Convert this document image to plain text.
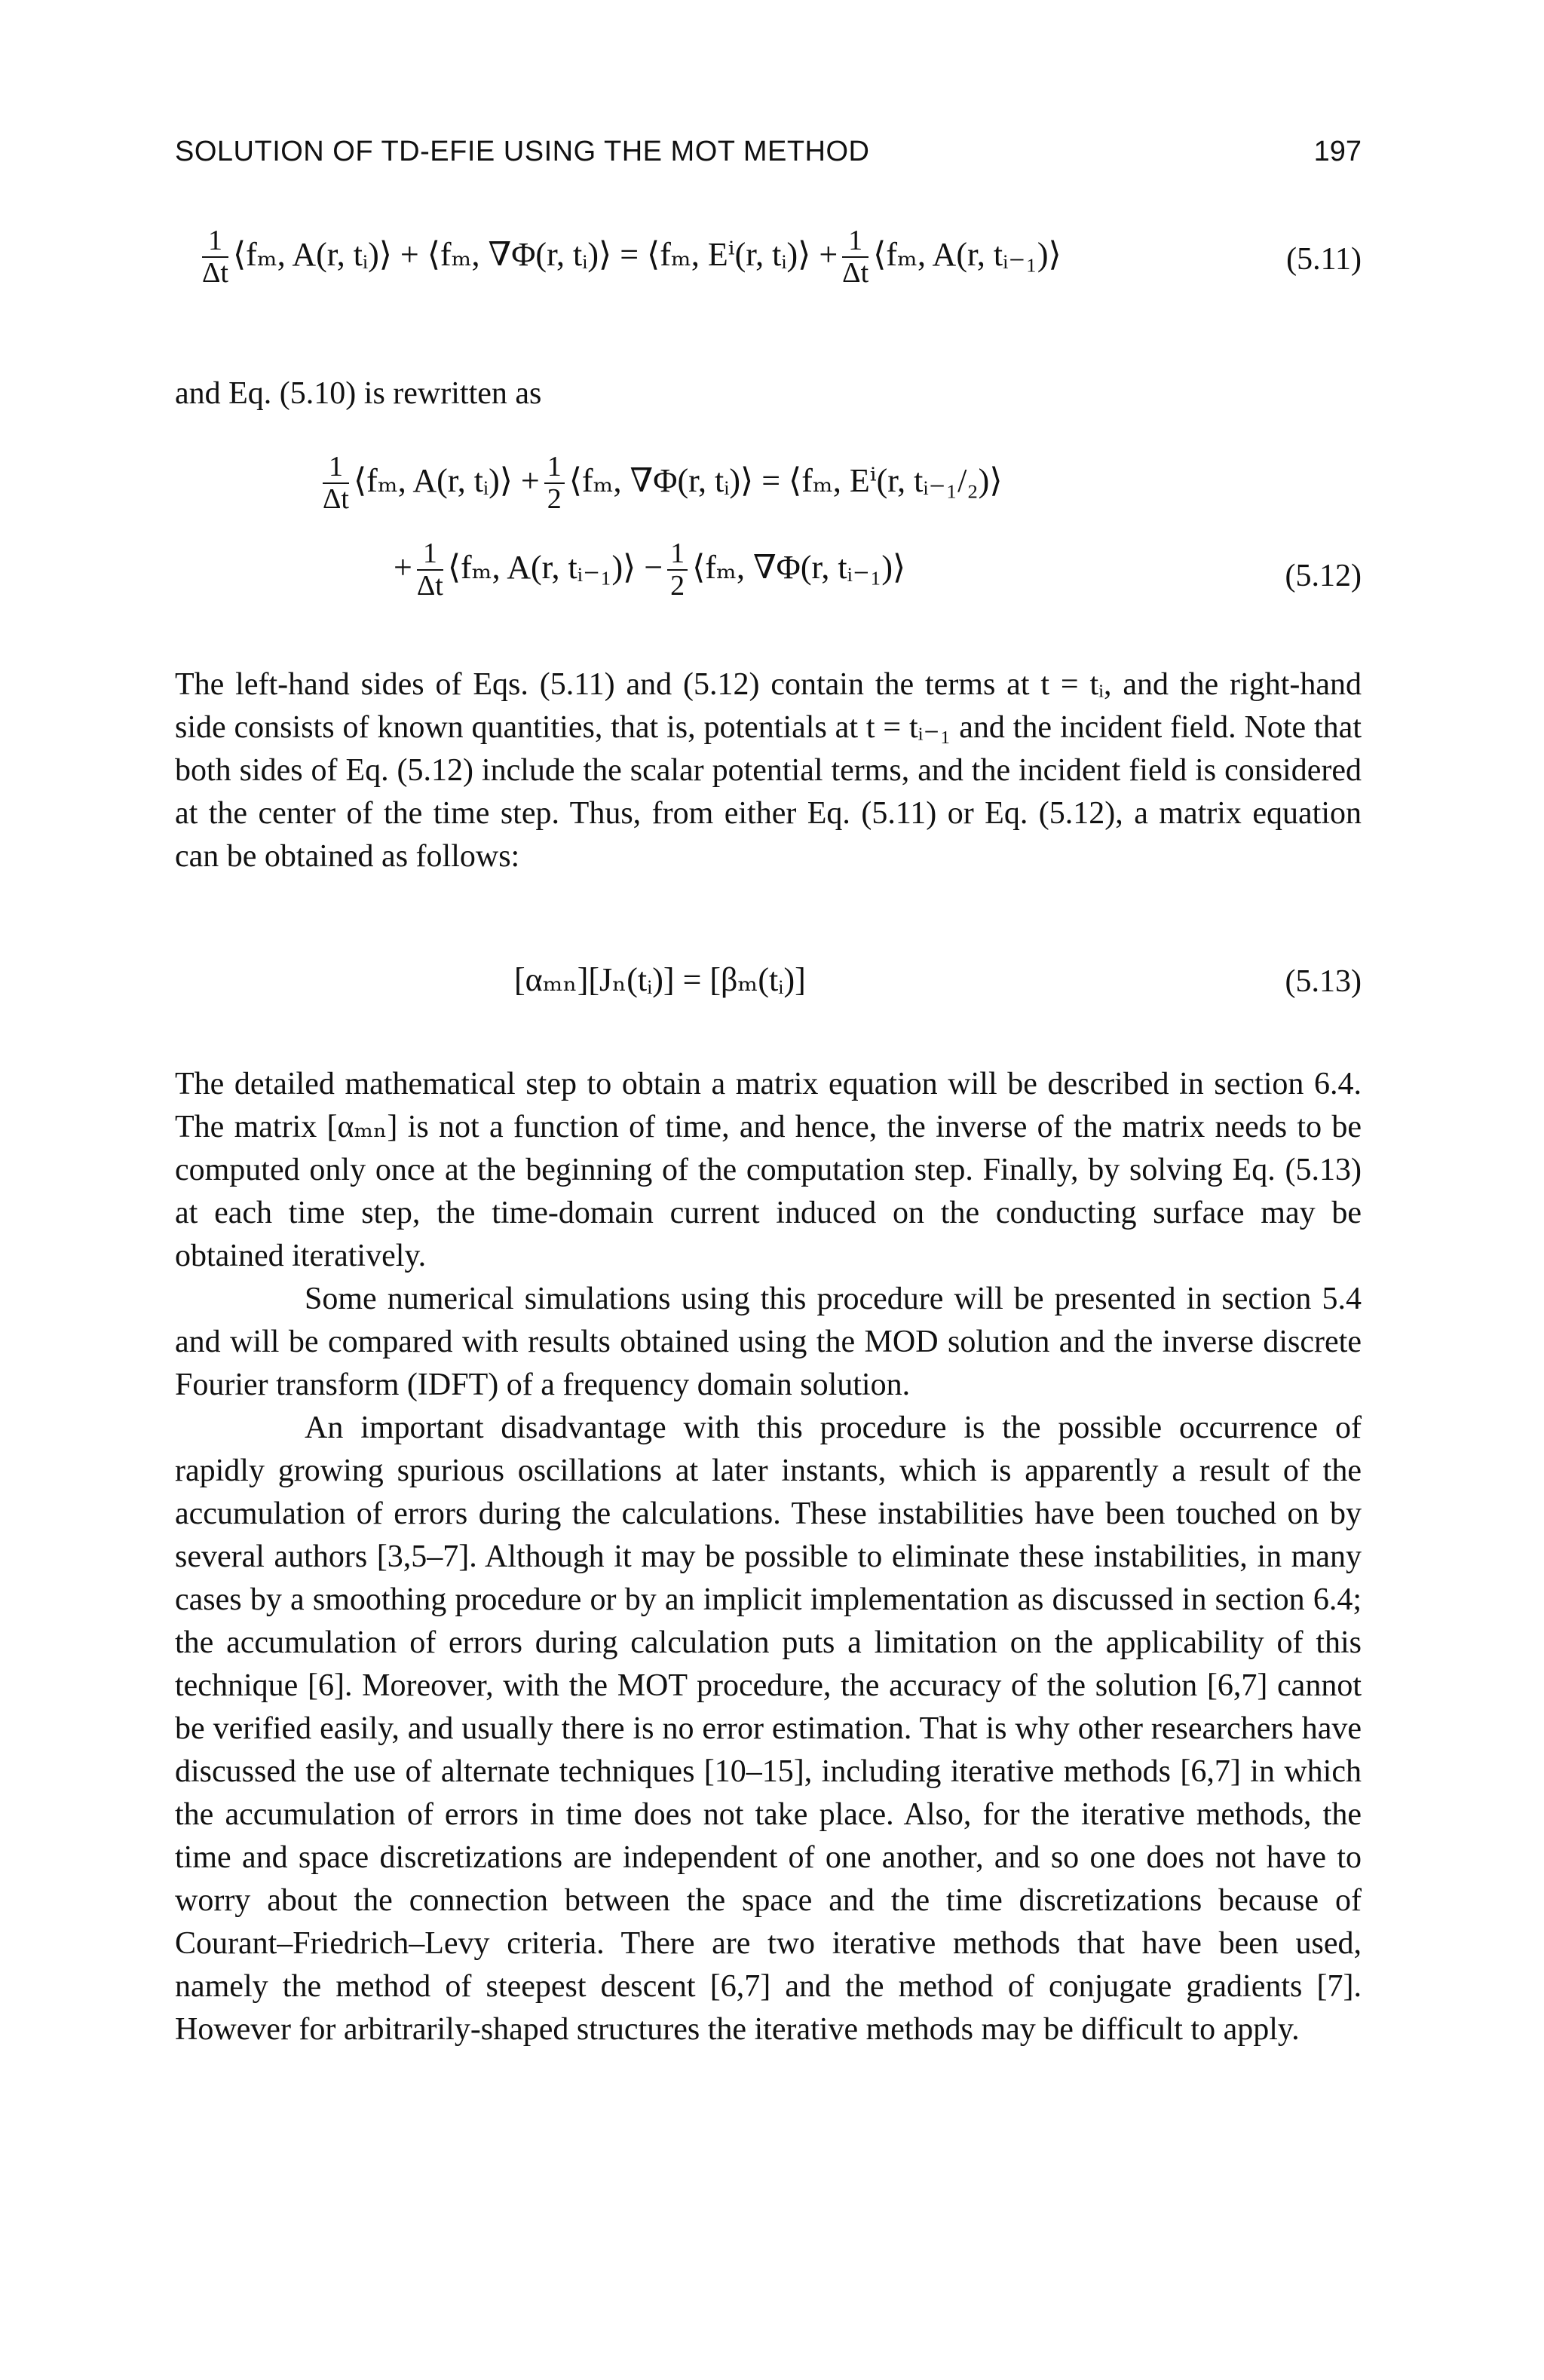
SOLUTION OF TD-EFIE USING THE MOT METHOD	197
$\frac{1}{\Delta t}$ ⟨fₘ, A(r, tᵢ)⟩ + ⟨fₘ, ∇Φ(r, tᵢ)⟩ = ⟨fₘ, Eⁱ(r, tᵢ)⟩ + $\frac{1}{\Delta t}$ ⟨fₘ, A(r, tᵢ₋₁)⟩	(5.11)

and Eq. (5.10) is rewritten as

$\frac{1}{\Delta t}$ ⟨fₘ, A(r, tᵢ)⟩ + $\frac{1}{2}$ ⟨fₘ, ∇Φ(r, tᵢ)⟩ = ⟨fₘ, Eⁱ(r, tᵢ₋₁/₂)⟩
+ $\frac{1}{\Delta t}$ ⟨fₘ, A(r, tᵢ₋₁)⟩ − $\frac{1}{2}$ ⟨fₘ, ∇Φ(r, tᵢ₋₁)⟩	(5.12)

The left-hand sides of Eqs. (5.11) and (5.12) contain the terms at t = tᵢ, and the right-hand side consists of known quantities, that is, potentials at t = tᵢ₋₁ and the incident field. Note that both sides of Eq. (5.12) include the scalar potential terms, and the incident field is considered at the center of the time step. Thus, from either Eq. (5.11) or Eq. (5.12), a matrix equation can be obtained as follows:

[αₘₙ][Jₙ(tᵢ)] = [βₘ(tᵢ)]	(5.13)

The detailed mathematical step to obtain a matrix equation will be described in section 6.4. The matrix [αₘₙ] is not a function of time, and hence, the inverse of the matrix needs to be computed only once at the beginning of the computation step. Finally, by solving Eq. (5.13) at each time step, the time-domain current induced on the conducting surface may be obtained iteratively.

Some numerical simulations using this procedure will be presented in section 5.4 and will be compared with results obtained using the MOD solution and the inverse discrete Fourier transform (IDFT) of a frequency domain solution.

An important disadvantage with this procedure is the possible occurrence of rapidly growing spurious oscillations at later instants, which is apparently a result of the accumulation of errors during the calculations. These instabilities have been touched on by several authors [3,5–7]. Although it may be possible to eliminate these instabilities, in many cases by a smoothing procedure or by an implicit implementation as discussed in section 6.4; the accumulation of errors during calculation puts a limitation on the applicability of this technique [6]. Moreover, with the MOT procedure, the accuracy of the solution [6,7] cannot be verified easily, and usually there is no error estimation. That is why other researchers have discussed the use of alternate techniques [10–15], including iterative methods [6,7] in which the accumulation of errors in time does not take place. Also, for the iterative methods, the time and space discretizations are independent of one another, and so one does not have to worry about the connection between the space and the time discretizations because of Courant–Friedrich–Levy criteria. There are two iterative methods that have been used, namely the method of steepest descent [6,7] and the method of conjugate gradients [7]. However for arbitrarily-shaped structures the iterative methods may be difficult to apply.
